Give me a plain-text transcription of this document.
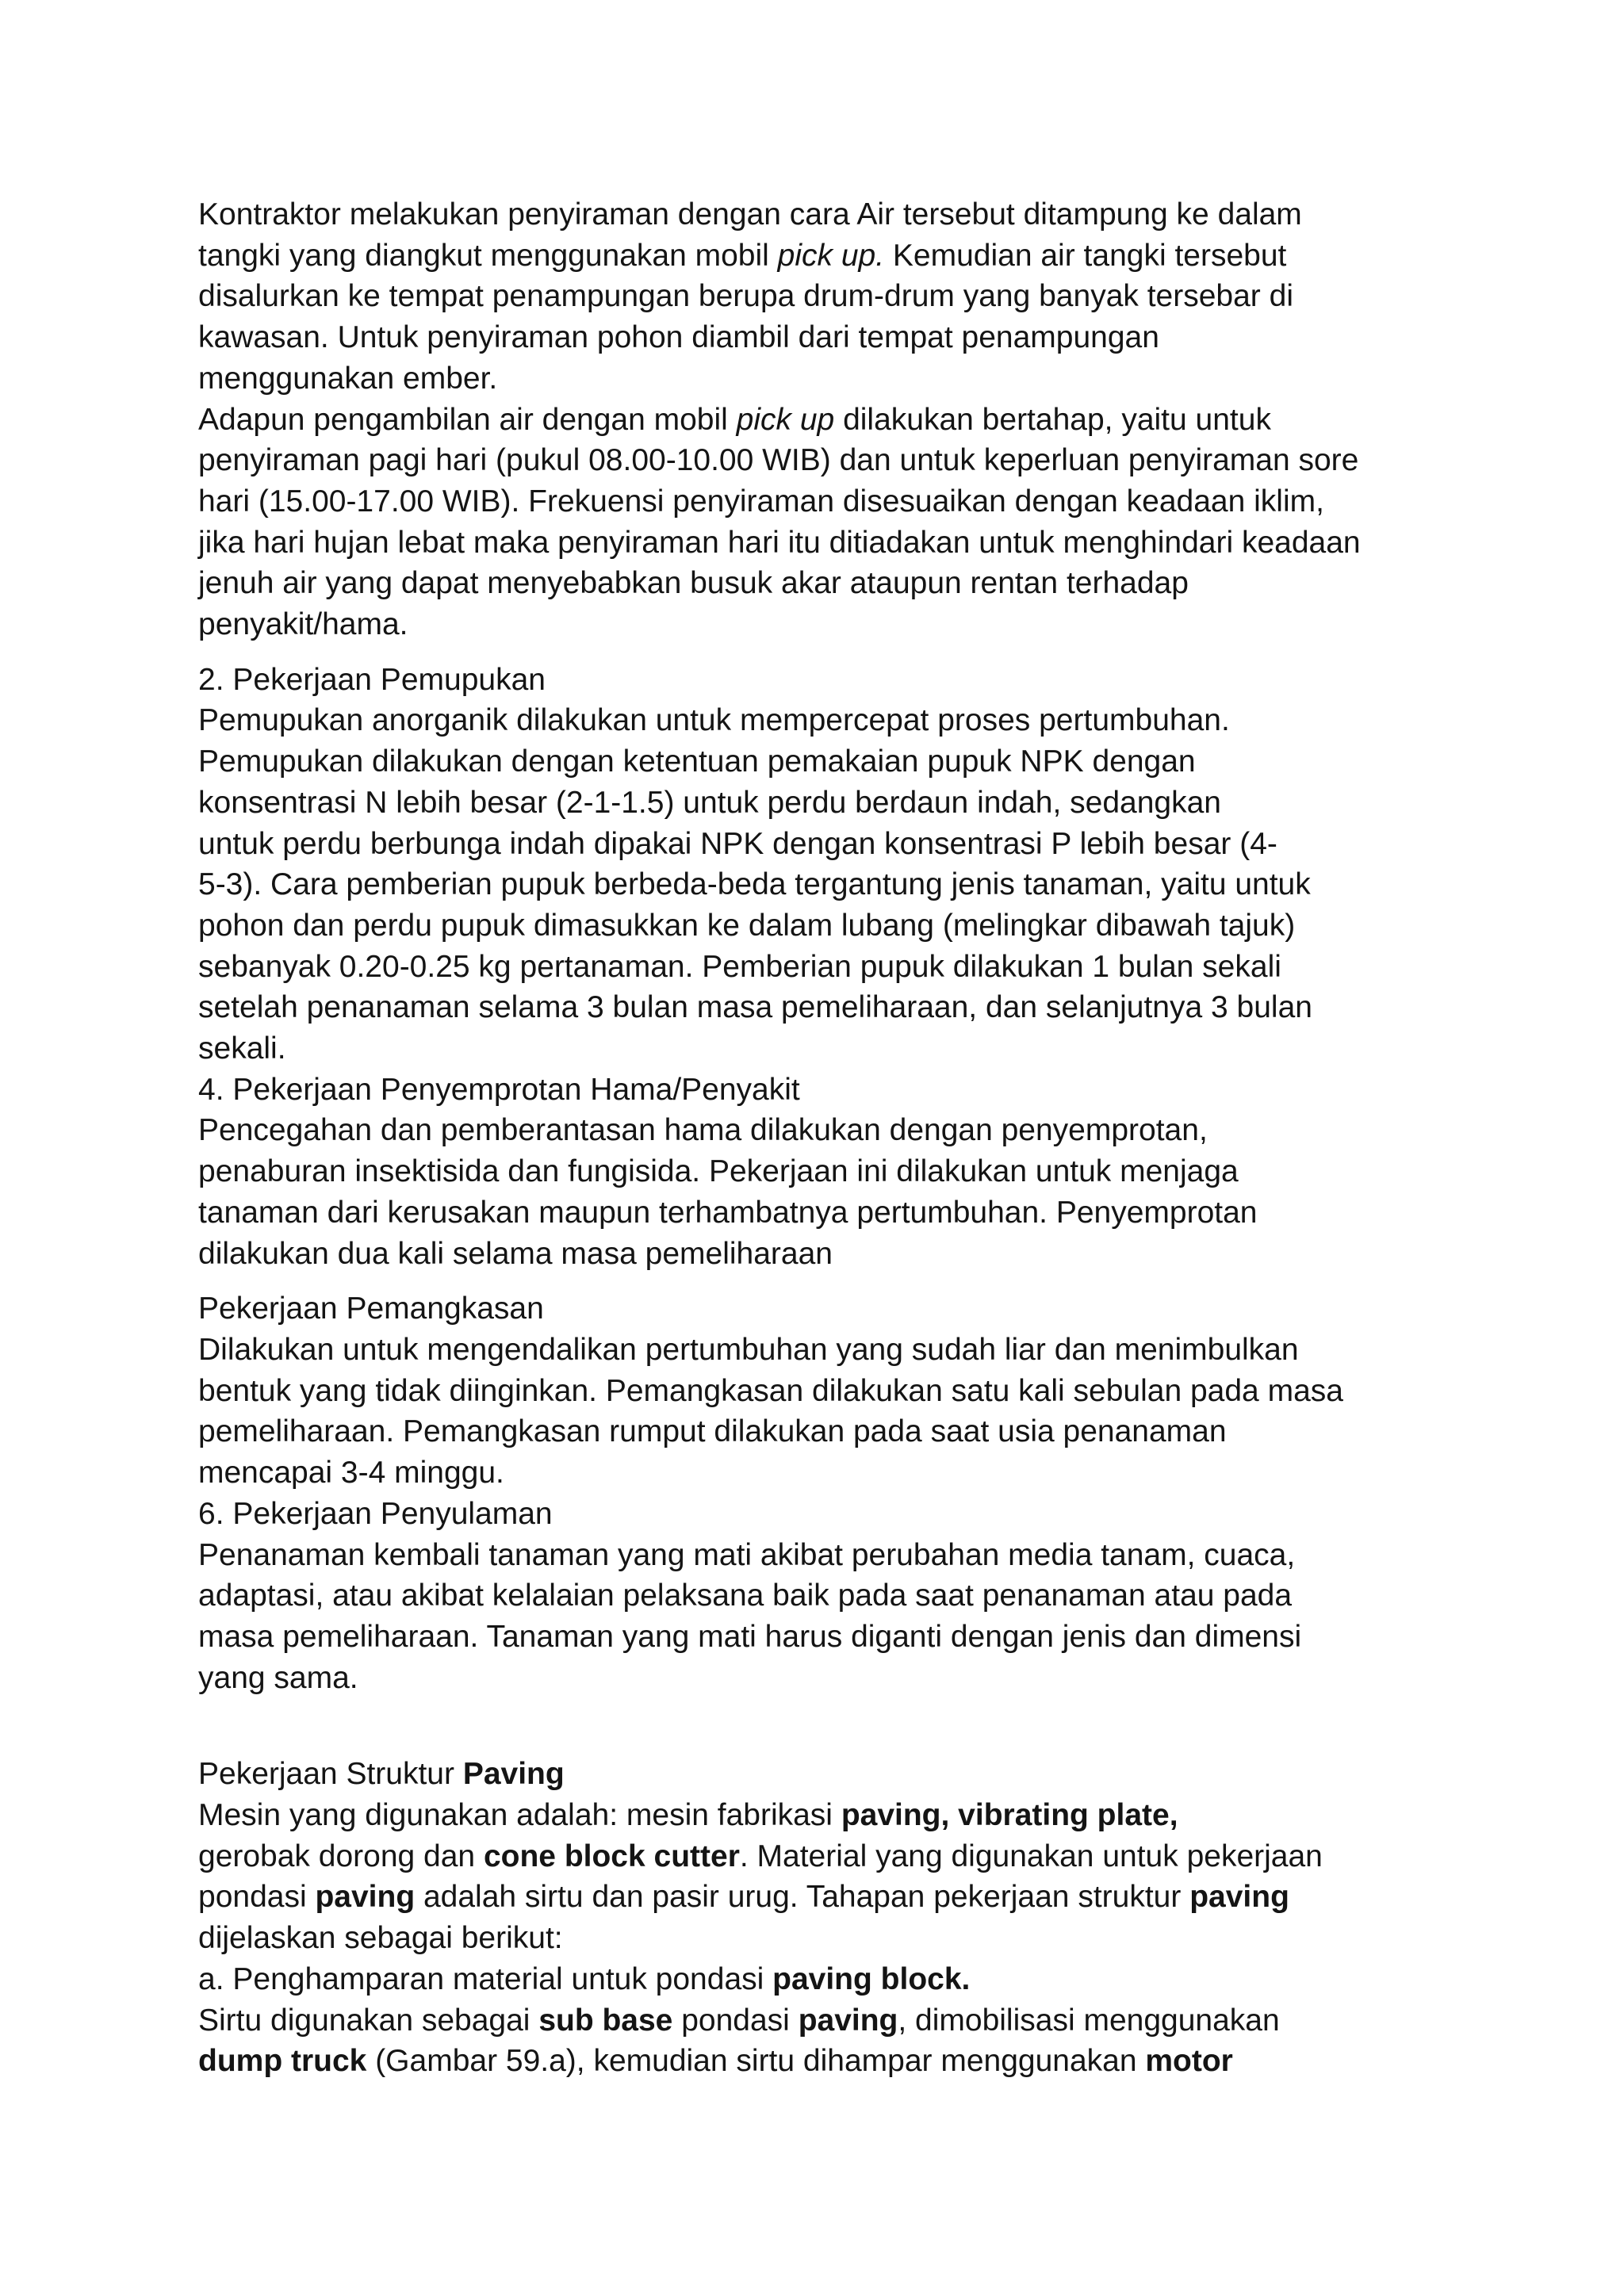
Kontraktor melakukan penyiraman dengan cara Air tersebut ditampung ke dalam
tangki yang diangkut menggunakan mobil pick up. Kemudian air tangki tersebut
disalurkan ke tempat penampungan berupa drum-drum yang banyak tersebar di
kawasan. Untuk penyiraman pohon diambil dari tempat penampungan
menggunakan ember.
Adapun pengambilan air dengan mobil pick up dilakukan bertahap, yaitu untuk
penyiraman pagi hari (pukul 08.00-10.00 WIB) dan untuk keperluan penyiraman sore
hari (15.00-17.00 WIB). Frekuensi penyiraman disesuaikan dengan keadaan iklim,
jika hari hujan lebat maka penyiraman hari itu ditiadakan untuk menghindari keadaan
jenuh air yang dapat menyebabkan busuk akar ataupun rentan terhadap
penyakit/hama.
2. Pekerjaan Pemupukan
Pemupukan anorganik dilakukan untuk mempercepat proses pertumbuhan.
Pemupukan dilakukan dengan ketentuan pemakaian pupuk NPK dengan
konsentrasi N lebih besar (2-1-1.5) untuk perdu berdaun indah, sedangkan
untuk perdu berbunga indah dipakai NPK dengan konsentrasi P lebih besar (4-
5-3). Cara pemberian pupuk berbeda-beda tergantung jenis tanaman, yaitu untuk
pohon dan perdu pupuk dimasukkan ke dalam lubang (melingkar dibawah tajuk)
sebanyak 0.20-0.25 kg pertanaman. Pemberian pupuk dilakukan 1 bulan sekali
setelah penanaman selama 3 bulan masa pemeliharaan, dan selanjutnya 3 bulan
sekali.
4. Pekerjaan Penyemprotan Hama/Penyakit
Pencegahan dan pemberantasan hama dilakukan dengan penyemprotan,
penaburan insektisida dan fungisida. Pekerjaan ini dilakukan untuk menjaga
tanaman dari kerusakan maupun terhambatnya pertumbuhan. Penyemprotan
dilakukan dua kali selama masa pemeliharaan
Pekerjaan Pemangkasan
Dilakukan untuk mengendalikan pertumbuhan yang sudah liar dan menimbulkan
bentuk yang tidak diinginkan. Pemangkasan dilakukan satu kali sebulan pada masa
pemeliharaan. Pemangkasan rumput dilakukan pada saat usia penanaman
mencapai 3-4 minggu.
6. Pekerjaan Penyulaman
Penanaman kembali tanaman yang mati akibat perubahan media tanam, cuaca,
adaptasi, atau akibat kelalaian pelaksana baik pada saat penanaman atau pada
masa pemeliharaan. Tanaman yang mati harus diganti dengan jenis dan dimensi
yang sama.
Pekerjaan Struktur Paving
Mesin yang digunakan adalah: mesin fabrikasi paving, vibrating plate,
gerobak dorong dan cone block cutter. Material yang digunakan untuk pekerjaan
pondasi paving adalah sirtu dan pasir urug. Tahapan pekerjaan struktur paving
dijelaskan sebagai berikut:
a. Penghamparan material untuk pondasi paving block.
Sirtu digunakan sebagai sub base pondasi paving, dimobilisasi menggunakan
dump truck (Gambar 59.a), kemudian sirtu dihampar menggunakan motor
